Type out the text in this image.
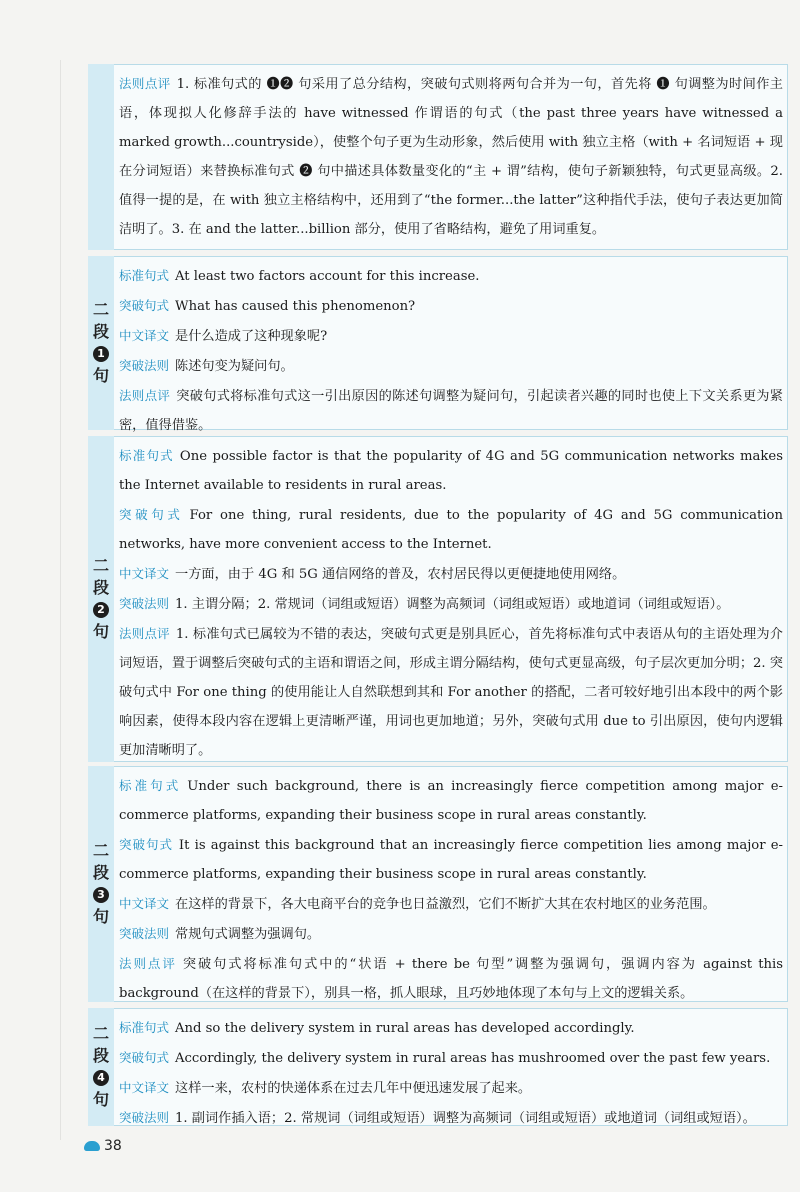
法则点评 1. 标准句式的 ❶❷ 句采用了总分结构，突破句式则将两句合并为一句，首先将 ❶ 句调整为时间作主语，体现拟人化修辞手法的 have witnessed 作谓语的句式（the past three years have witnessed a marked growth...countryside），使整个句子更为生动形象，然后使用 with 独立主格（with + 名词短语 + 现在分词短语）来替换标准句式 ❷ 句中描述具体数量变化的“主 + 谓”结构，使句子新颖独特，句式更显高级。2. 值得一提的是，在 with 独立主格结构中，还用到了“the former...the latter”这种指代手法，使句子表达更加简洁明了。3. 在 and the latter...billion 部分，使用了省略结构，避免了用词重复。

二
段
1
句

标准句式 At least two factors account for this increase.

突破句式 What has caused this phenomenon?

中文译文 是什么造成了这种现象呢?

突破法则 陈述句变为疑问句。

法则点评 突破句式将标准句式这一引出原因的陈述句调整为疑问句，引起读者兴趣的同时也使上下文关系更为紧密，值得借鉴。

二
段
2
句

标准句式 One possible factor is that the popularity of 4G and 5G communication networks makes the Internet available to residents in rural areas.

突破句式 For one thing, rural residents, due to the popularity of 4G and 5G communication networks, have more convenient access to the Internet.

中文译文 一方面，由于 4G 和 5G 通信网络的普及，农村居民得以更便捷地使用网络。

突破法则 1. 主谓分隔；2. 常规词（词组或短语）调整为高频词（词组或短语）或地道词（词组或短语）。

法则点评 1. 标准句式已属较为不错的表达，突破句式更是别具匠心，首先将标准句式中表语从句的主语处理为介词短语，置于调整后突破句式的主语和谓语之间，形成主谓分隔结构，使句式更显高级，句子层次更加分明；2. 突破句式中 For one thing 的使用能让人自然联想到其和 For another 的搭配，二者可较好地引出本段中的两个影响因素，使得本段内容在逻辑上更清晰严谨，用词也更加地道；另外，突破句式用 due to 引出原因，使句内逻辑更加清晰明了。

二
段
3
句

标准句式 Under such background, there is an increasingly fierce competition among major e-commerce platforms, expanding their business scope in rural areas constantly.

突破句式 It is against this background that an increasingly fierce competition lies among major e-commerce platforms, expanding their business scope in rural areas constantly.

中文译文 在这样的背景下，各大电商平台的竞争也日益激烈，它们不断扩大其在农村地区的业务范围。

突破法则 常规句式调整为强调句。

法则点评 突破句式将标准句式中的“状语 + there be 句型”调整为强调句，强调内容为 against this background（在这样的背景下），别具一格，抓人眼球，且巧妙地体现了本句与上文的逻辑关系。

二
段
4
句

标准句式 And so the delivery system in rural areas has developed accordingly.

突破句式 Accordingly, the delivery system in rural areas has mushroomed over the past few years.

中文译文 这样一来，农村的快递体系在过去几年中便迅速发展了起来。

突破法则 1. 副词作插入语；2. 常规词（词组或短语）调整为高频词（词组或短语）或地道词（词组或短语）。

38
